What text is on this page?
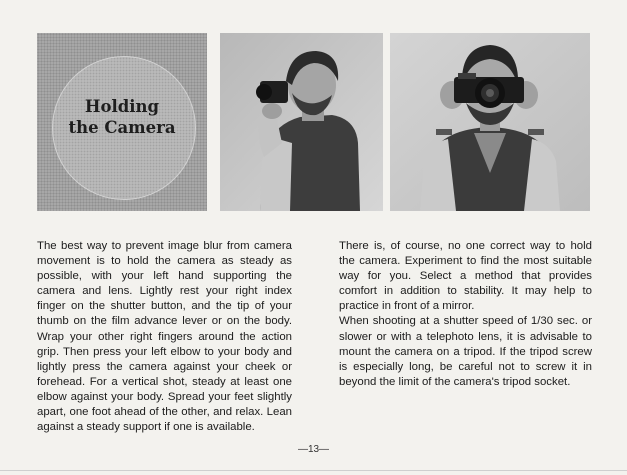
Holding
the Camera

The best way to prevent image blur from camera movement is to hold the camera as steady as possible, with your left hand supporting the camera and lens. Lightly rest your right index finger on the shutter button, and the tip of your thumb on the film advance lever or on the body. Wrap your other right fingers around the action grip. Then press your left elbow to your body and lightly press the camera against your cheek or forehead. For a vertical shot, steady at least one elbow against your body. Spread your feet slightly apart, one foot ahead of the other, and relax. Lean against a steady support if one is available.

There is, of course, no one correct way to hold the camera. Experiment to find the most suitable way for you. Select a method that provides comfort in addition to stability. It may help to practice in front of a mirror.

When shooting at a shutter speed of 1/30 sec. or slower or with a telephoto lens, it is advisable to mount the camera on a tripod. If the tripod screw is especially long, be careful not to screw it in beyond the limit of the camera's tripod socket.

—13—
